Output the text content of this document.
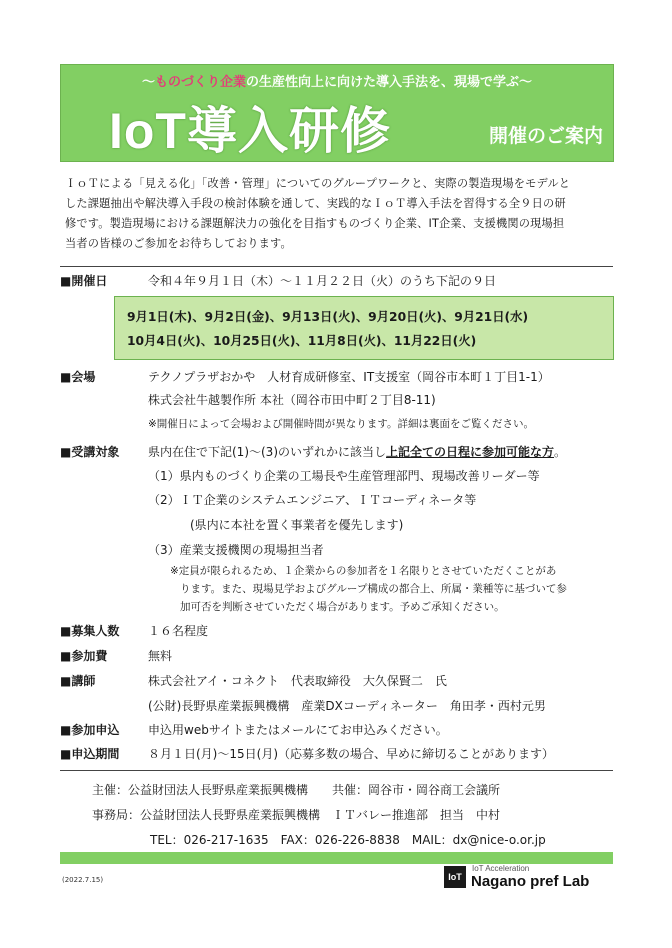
〜ものづくり企業の生産性向上に向けた導入手法を、現場で学ぶ〜
IoT導入研修	開催のご案内
ＩｏＴによる「見える化」「改善・管理」についてのグループワークと、実際の製造現場をモデルと
した課題抽出や解決導入手段の検討体験を通して、実践的なＩｏＴ導入手法を習得する全９日の研
修です。製造現場における課題解決力の強化を目指すものづくり企業、IT企業、支援機関の現場担
当者の皆様のご参加をお待ちしております。
■開催日	令和４年９月１日（木）〜１１月２２日（火）のうち下記の９日
9月1日(木)、9月2日(金)、9月13日(火)、9月20日(火)、9月21日(水)
10月4日(火)、10月25日(火)、11月8日(火)、11月22日(火)
■会場	テクノプラザおかや　人材育成研修室、IT支援室（岡谷市本町１丁目1-1）
株式会社牛越製作所 本社（岡谷市田中町２丁目8-11)
※開催日によって会場および開催時間が異なります。詳細は裏面をご覧ください。
■受講対象 県内在住で下記(1)〜(3)のいずれかに該当し上記全ての日程に参加可能な方。
（1）県内ものづくり企業の工場長や生産管理部門、現場改善リーダー等
（2）ＩＴ企業のシステムエンジニア、ＩＴコーディネータ等
(県内に本社を置く事業者を優先します)
（3）産業支援機関の現場担当者
※定員が限られるため、１企業からの参加者を１名限りとさせていただくことがあ
ります。また、現場見学およびグループ構成の都合上、所属・業種等に基づいて参
加可否を判断させていただく場合があります。予めご承知ください。
■募集人数 １６名程度
■参加費	無料
■講師	株式会社アイ・コネクト　代表取締役　大久保賢二　氏
(公財)長野県産業振興機構　産業DXコーディネーター　角田孝・西村元男
■参加申込 申込用webサイトまたはメールにてお申込みください。
■申込期間 ８月１日(月)〜15日(月)（応募多数の場合、早めに締切ることがあります）
主催：公益財団法人長野県産業振興機構　　共催：岡谷市・岡谷商工会議所
事務局：公益財団法人長野県産業振興機構　ＩＴバレー推進部　担当　中村
TEL：026-217-1635　FAX：026-226-8838　MAIL：dx@nice-o.or.jp
(2022.7.15)	IoT
IoT Acceleration
Nagano pref Lab
